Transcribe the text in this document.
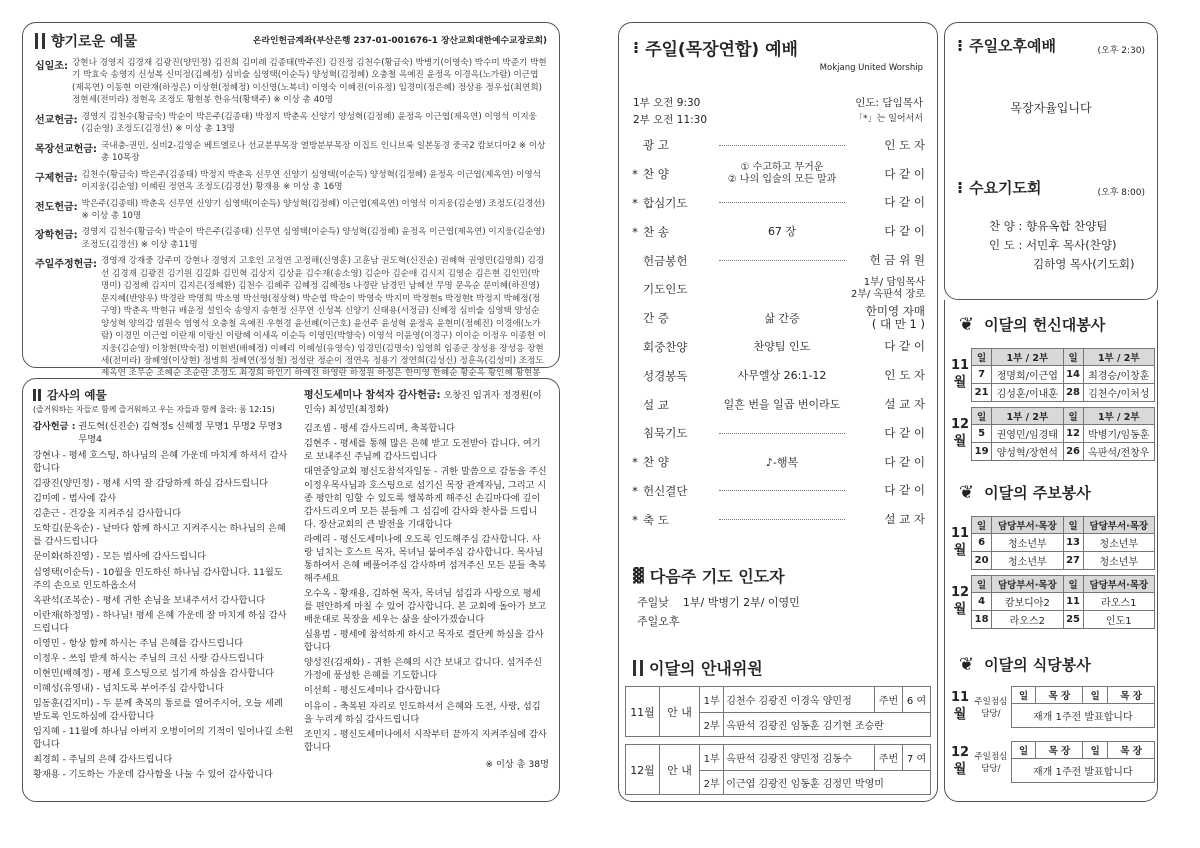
향기로운 예물	온라인헌금계좌(부산은행 237-01-001676-1 장산교회대한예수교장로회)
십일조: 강현나 경영지 김경재 김광진(양민정) 김진희 김미례 김종태(박주진) 김진정 김천수(황금숙) 박병기(이영숙) 박수미 박준기 박현기 박효숙 송영지 신성복 신미정(김혜정) 심비술 심영택(이순득) 양성혁(김정혜) 오충철 옥예진 윤정옥 이경옥(노가람) 이근엽(제옥연) 이동현 이란재(하정은) 이상현(정혜정) 이신영(노복녀) 이영숙 이혜진(이유정) 임경미(정은혜) 정상용 정우섭(최연희) 정현세(전미라) 정현옥 조정도 황현봉 한유석(황택주) ※ 이상 총 40명
선교헌금: 경영지 김천수(황금숙) 박순이 박은주(김종태) 박정지 박춘옥 신양기 양성혁(김정혜) 윤정옥 이근엽(제옥연) 이영석 이지웅(김순영) 조정도(김경선) ※ 이상 총 13명
목장선교헌금: 국내충-권민, 실비2-김영순 베트엘로나 선교분부목장 열방분부목장 이집트 인니브룩 일본동경 중국2 캄보디아2 ※ 이상 총 10목장
구제헌금: 김천수(황금숙) 박은주(김종태) 박정지 박춘옥 신무연 신양기 심영택(이순득) 양성혁(김정혜) 윤정옥 이근엽(제옥연) 이영석 이지웅(김순영) 이혜린 정연옥 조정도(김경선) 황재용 ※ 이상 총 16명
전도헌금: 박은주(김종태) 박춘옥 신무연 신양기 심영택(이순득) 양성혁(김정혜) 이근엽(제옥연) 이영석 이지웅(김순영) 조정도(김경선) ※ 이상 총 10명
장학헌금: 경영지 김천수(황금숙) 박순이 박은주(김종태) 신무연 심영택(이순득) 양성혁(김정혜) 윤정옥 이근엽(제옥연) 이지웅(김순영) 조정도(김경선) ※ 이상 총11명
주일주정헌금: 경영재 강재중 강주미 강현나 경영지 고호인 고정연 고정해(신영훈) 고훈남 권도혁(신진순) 권혜혁 권영민(김명희) 김경선 김경재 김광진 김기원 김길화 김민혁 김상지 김상윤 김수재(송소영) 김순아 김순애 김시지 김영순 김은현 김인민(박명미) 김정혜 김지미 김지은(정혜환) 김천수 김혜주 김혜정 김혜정s 나경란 남경민 남혜선 무명 문옥순 문미혜(하진영) 문지혜(반양우) 박경란 박명희 박소영 박선영(정상혁) 박순엽 박순이 박영숙 박지미 박정현s 박정현t 박정지 박혜정(정구영) 박춘옥 박현규 배운정 설인숙 송영지 송현정 신무연 신성복 신양기 신태용(서정금) 신혜정 심비술 심영택 양성순 양성혁 양의갑 염원숙 염영석 오충철 옥예진 우현경 윤선혜(이근호) 윤선주 윤성혁 윤정옥 윤현미(정혜진) 이경애(노가람) 이경민 이근엽 이란재 이랑신 이랑혜 이세옥 이순득 이영민(박향숙) 이영석 이윤영(이경구) 이이순 이정우 이종헌 이지웅(김순영) 이창현(박숙정) 이현변(배혜정) 이혜리 이혜성(유영숙) 임경민(김명숙) 임영희 임종군 장성용 장성응 장현세(전미라) 장혜영(이상현) 정병희 정혜연(정성철) 정성란 정순이 정연옥 정용기 정연희(김성신) 정훈옥(김성미) 조정도 제옥연 조무순 조혜순 조순란 조정도 최경희 하인기 하예진 하영란 하정원 하정은 한미영 한혜순 황순옥 황인혜 황현봉
감사의 예물
(즐거워하는 자들로 함께 즐거워하고 우는 자들과 함께 울라: 롬 12:15)
감사헌금 : 권도혁(신진순) 김혁정s 신혜정 무명1 무명2 무명3 무명4
강현나 - 평세 호스팅, 하나님의 은혜 가운데 마치게 하셔서 감사합니다
김광진(양민정) - 평세 시역 잘 감당하게 하심 감사드립니다
김미예 - 범사에 감사
김춘근 - 건강을 지켜주심 감사합니다
도학길(문옥순) - 날마다 함께 하시고 지켜주시는 하나님의 은혜를 감사드립니다
문이화(하진영) - 모든 범사에 감사드립니다
심영택(이순득) - 10월을 인도하신 하나님 감사합니다. 11월도 주의 손으로 인도하옵소서
옥판석(조복순) - 평세 귀한 손님을 보내주셔서 감사합니다
이란재(하정영) - 하나님! 평세 은혜 가운데 잘 마치게 하심 감사드립니다
이영민 - 항상 함께 하시는 주님 은혜를 감사드립니다
이정우 - 쓰임 받게 하시는 주님의 크신 사랑 감사드립니다
이현민(배혜정) - 평세 호스팅으로 섬기게 하심을 감사합니다
이혜성(유영내) - 넘치도록 부어주심 감사합니다
임동훈(김지미) - 두 분께 축복의 통로를 열어주시어, 오늘 세례 받도록 인도하심에 감사합니다
임지혜 - 11월에 하나님 아버지 오병이어의 기적이 일어나길 소원합니다
최경희 - 주님의 은혜 감사드립니다
황재용 - 기도하는 가운데 감사함을 나눌 수 있어 감사합니다
평신도세미나 참석자 감사헌금: 오창진 임귀자 정경원(이인숙) 최성민(최정화)
김조셉 - 평세 감사드리며, 축복합니다
김현주 - 평세를 통해 많은 은혜 받고 도전받아 갑니다. 여기로 보내주신 주님께 감사드립니다
대연중앙교회 평신도참석자일동 - 귀한 말씀으로 감동을 주신 이정우목사님과 호스팅으로 섬기신 목장 관계자님, 그리고 시종 평안히 임할 수 있도록 행복하게 해주신 손길마다에 깊이 감사드리오며 모든 분들께 그 섬김에 감사와 찬사를 드립니다. 장산교회의 큰 발전을 기대합니다
라예리 - 평신도세미나에 오도록 인도해주심 감사합니다. 사랑 넘치는 호스트 목자, 목녀님 붙여주심 감사합니다. 목사님 통하여서 은혜 베풀어주심 감사하며 섬겨주신 모든 분들 축복해주세요
오수옥 - 황재용, 김하현 목자, 목녀님 섬김과 사랑으로 평세를 편안하게 마칠 수 있어 감사합니다. 본 교회에 돌아가 보고 배운대로 목장을 세우는 삶을 살아가겠습니다
심용범 - 평세에 참석하게 하시고 목자로 결단케 하심을 감사합니다
양성진(김재화) - 귀한 은혜의 시간 보내고 갑니다. 섬겨주신 가정에 풍성한 은혜를 기도합니다
이선희 - 평신도세미나 감사합니다
이유이 - 축복된 자리로 인도하셔서 은혜와 도전, 사랑, 섬김을 누리게 하심 감사드립니다
조민지 - 평신도세미나에서 시작부터 끝까지 지켜주심에 감사합니다
※ 이상 총 38명
⁝ 주일(목장연합) 예배
Mokjang United Worship
1부 오전 9:30
2부 오전 11:30
인도: 담임목사
「*」는 일어서서
광 고	인 도 자
* 찬 양	① 수고하고 무거운
② 나의 입술의 모든 말과	다 같 이
* 합심기도	다 같 이
* 찬 송	67 장	다 같 이
헌금봉헌	헌 금 위 원
기도인도	1부/ 담임목사
2부/ 옥판석 장로
간 증	삶 간증
한미영 자매
( 대 만 1 )
회중찬양	찬양팀 인도	다 같 이
성경봉독	사무엘상 26:1-12	인 도 자
설 교	일흔 번을 일곱 번이라도	설 교 자
침묵기도	다 같 이
* 찬 양	♪-행복	다 같 이
* 헌신결단	다 같 이
* 축 도	설 교 자
▓ 다음주 기도 인도자
주일낮 1부/ 박병기 2부/ 이영민
주일오후
이달의 안내위원
11월	안 내	1부	김천수 김광진 이경옥 양민정	주번	6 여
		2부	옥판석 김광진 임동훈 김기현 조승란		

12월	안 내	1부	옥판석 김광진 양민정 김동수	주번	7 여
		2부	이근엽 김광진 임동훈 김정민 박영미		
⁝ 주일오후예배	(오후 2:30)
목장자율입니다
⁝ 수요기도회	(오후 8:00)
찬 양 : 향유옥합 찬양팀
인 도 : 서민후 목사(찬양)
김하영 목사(기도회)
❦ 이달의 헌신대봉사
11
월	일	1부 / 2부	일	1부 / 2부
	7	정명희/이근엽	14	최경승/이창훈
	21	김성훈/이내훈	28	김천수/이처성

12
월	일	1부 / 2부	일	1부 / 2부
	5	권영민/임경태	12	박병기/임동훈
	19	양성혁/장현석	26	옥판석/전창우
❦ 이달의 주보봉사
11
월	일	담당부서·목장	일	담당부서·목장
	6	청소년부	13	청소년부
	20	청소년부	27	청소년부

12
월	일	담당부서·목장	일	담당부서·목장
	4	캄보디아2	11	라오스1
	18	라오스2	25	인도1
❦ 이달의 식당봉사
11
월	주일점심
담당/	일	목 장	일	목 장
		재개 1주전 발표합니다			

12
월	주일점심
담당/	일	목 장	일	목 장
		재개 1주전 발표합니다			
